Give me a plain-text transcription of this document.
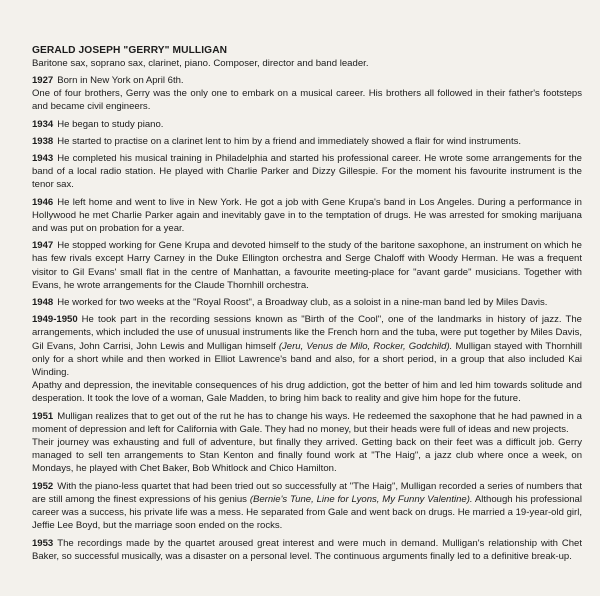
GERALD JOSEPH "GERRY" MULLIGAN
Baritone sax, soprano sax, clarinet, piano. Composer, director and band leader.
1927 Born in New York on April 6th.
One of four brothers, Gerry was the only one to embark on a musical career. His brothers all followed in their father's footsteps and became civil engineers.
1934 He began to study piano.
1938 He started to practise on a clarinet lent to him by a friend and immediately showed a flair for wind instruments.
1943 He completed his musical training in Philadelphia and started his professional career. He wrote some arrangements for the band of a local radio station. He played with Charlie Parker and Dizzy Gillespie. For the moment his favourite instrument is the tenor sax.
1946 He left home and went to live in New York. He got a job with Gene Krupa's band in Los Angeles. During a performance in Hollywood he met Charlie Parker again and inevitably gave in to the temptation of drugs. He was arrested for smoking marijuana and was put on probation for a year.
1947 He stopped working for Gene Krupa and devoted himself to the study of the baritone saxophone, an instrument on which he has few rivals except Harry Carney in the Duke Ellington orchestra and Serge Chaloff with Woody Herman. He was a frequent visitor to Gil Evans' small flat in the centre of Manhattan, a favourite meeting-place for "avant garde" musicians. Together with Evans, he wrote arrangements for the Claude Thornhill orchestra.
1948 He worked for two weeks at the "Royal Roost", a Broadway club, as a soloist in a nine-man band led by Miles Davis.
1949-1950 He took part in the recording sessions known as "Birth of the Cool", one of the landmarks in history of jazz. The arrangements, which included the use of unusual instruments like the French horn and the tuba, were put together by Miles Davis, Gil Evans, John Carrisi, John Lewis and Mulligan himself (Jeru, Venus de Milo, Rocker, Godchild). Mulligan stayed with Thornhill only for a short while and then worked in Elliot Lawrence's band and also, for a short period, in a group that also included Kai Winding.
Apathy and depression, the inevitable consequences of his drug addiction, got the better of him and led him towards solitude and desperation. It took the love of a woman, Gale Madden, to bring him back to reality and give him hope for the future.
1951 Mulligan realizes that to get out of the rut he has to change his ways. He redeemed the saxophone that he had pawned in a moment of depression and left for California with Gale. They had no money, but their heads were full of ideas and new projects.
Their journey was exhausting and full of adventure, but finally they arrived. Getting back on their feet was a difficult job. Gerry managed to sell ten arrangements to Stan Kenton and finally found work at "The Haig", a jazz club where once a week, on Mondays, he played with Chet Baker, Bob Whitlock and Chico Hamilton.
1952 With the piano-less quartet that had been tried out so successfully at "The Haig", Mulligan recorded a series of numbers that are still among the finest expressions of his genius (Bernie's Tune, Line for Lyons, My Funny Valentine). Although his professional career was a success, his private life was a mess. He separated from Gale and went back on drugs. He married a 19-year-old girl, Jeffie Lee Boyd, but the marriage soon ended on the rocks.
1953 The recordings made by the quartet aroused great interest and were much in demand. Mulligan's relationship with Chet Baker, so successful musically, was a disaster on a personal level. The continuous arguments finally led to a definitive break-up.
